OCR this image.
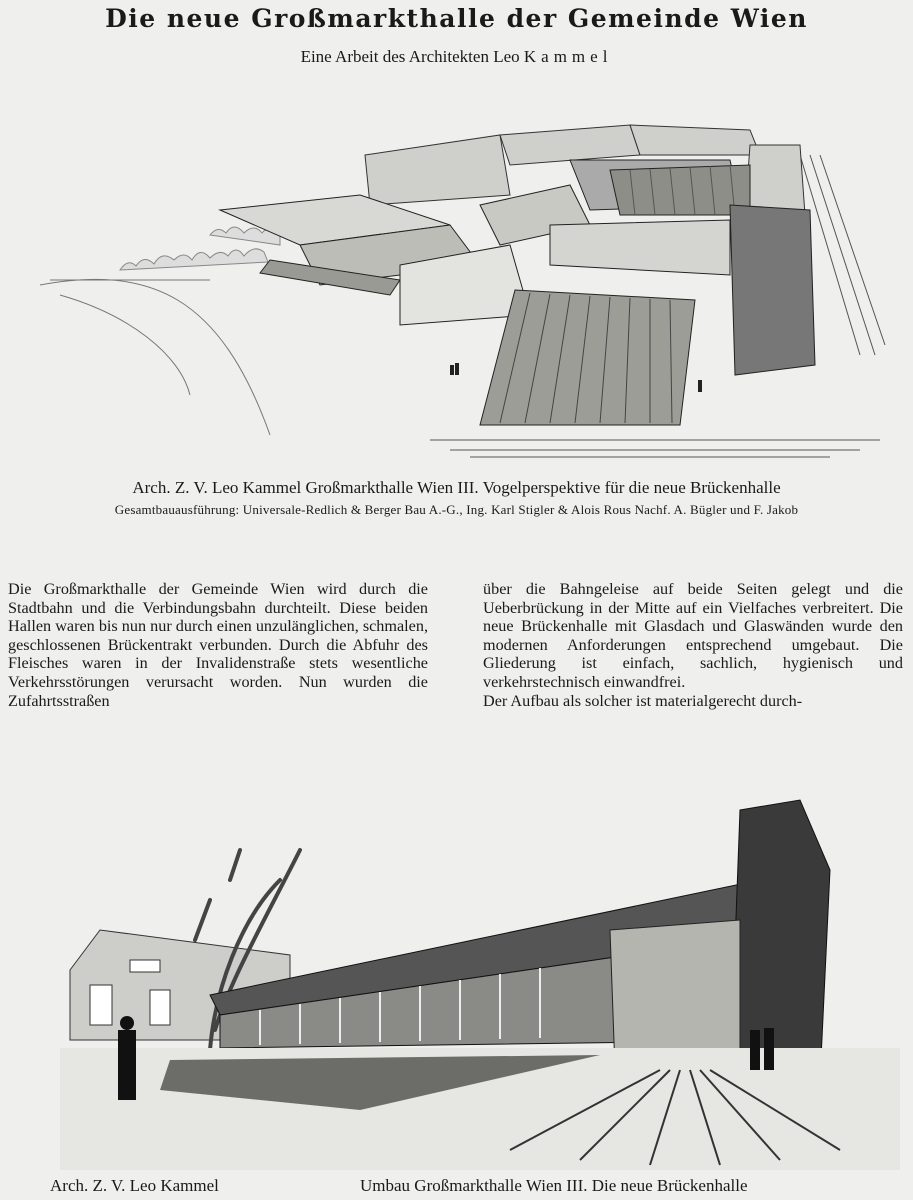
Die neue Großmarkthalle der Gemeinde Wien

Eine Arbeit des Architekten Leo Kammel

Arch. Z. V. Leo Kammel Großmarkthalle Wien III. Vogelperspektive für die neue Brückenhalle

Gesamtbauausführung: Universale-Redlich & Berger Bau A.-G., Ing. Karl Stigler & Alois Rous Nachf. A. Bügler und F. Jakob

Die Großmarkthalle der Gemeinde Wien wird durch die Stadtbahn und die Verbindungsbahn durchteilt. Diese beiden Hallen waren bis nun nur durch einen unzulänglichen, schmalen, geschlossenen Brückentrakt verbunden. Durch die Abfuhr des Fleisches waren in der Invalidenstraße stets wesentliche Verkehrsstörungen verursacht worden. Nun wurden die Zufahrtsstraßen

über die Bahngeleise auf beide Seiten gelegt und die Ueberbrückung in der Mitte auf ein Vielfaches verbreitert. Die neue Brückenhalle mit Glasdach und Glaswänden wurde den modernen Anforderungen entsprechend umgebaut. Die Gliederung ist einfach, sachlich, hygienisch und verkehrstechnisch einwandfrei.

Der Aufbau als solcher ist materialgerecht durch-

Arch. Z. V. Leo Kammel	Umbau Großmarkthalle Wien III. Die neue Brückenhalle
